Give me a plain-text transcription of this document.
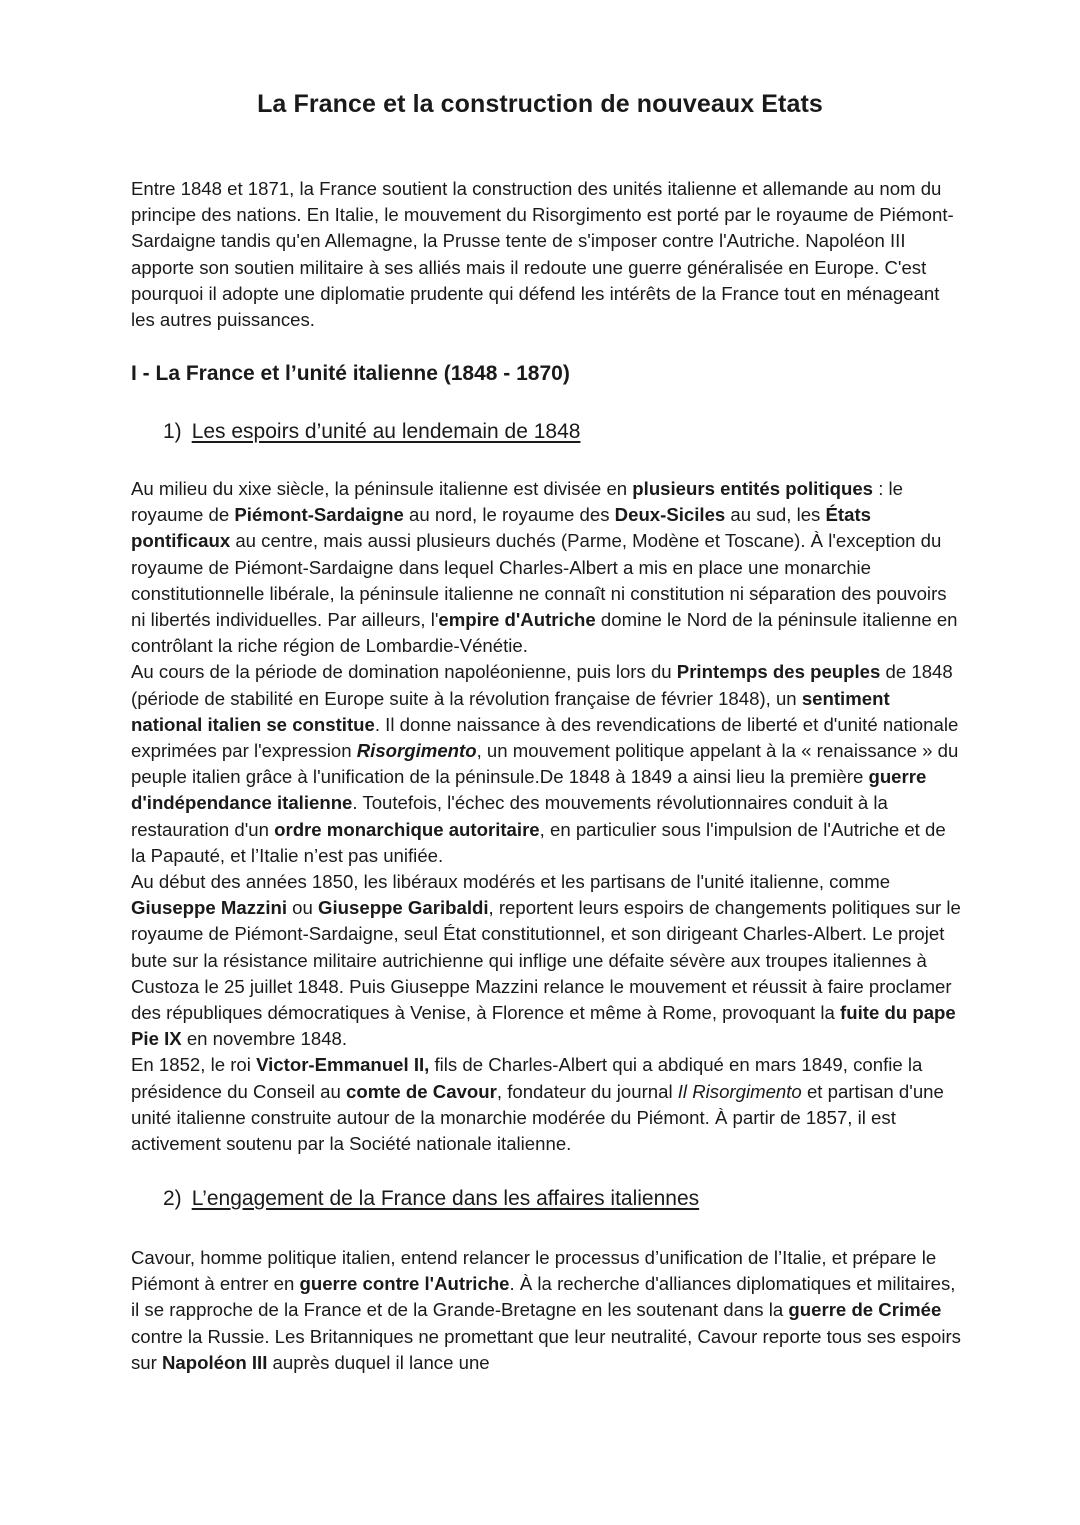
La France et la construction de nouveaux Etats

Entre 1848 et 1871, la France soutient la construction des unités italienne et allemande au nom du principe des nations. En Italie, le mouvement du Risorgimento est porté par le royaume de Piémont-Sardaigne tandis qu'en Allemagne, la Prusse tente de s'imposer contre l'Autriche. Napoléon III apporte son soutien militaire à ses alliés mais il redoute une guerre généralisée en Europe. C'est pourquoi il adopte une diplomatie prudente qui défend les intérêts de la France tout en ménageant les autres puissances.

I - La France et l’unité italienne (1848 - 1870)
1) Les espoirs d’unité au lendemain de 1848

Au milieu du xixe siècle, la péninsule italienne est divisée en plusieurs entités politiques : le royaume de Piémont-Sardaigne au nord, le royaume des Deux-Siciles au sud, les États pontificaux au centre, mais aussi plusieurs duchés (Parme, Modène et Toscane). À l'exception du royaume de Piémont-Sardaigne dans lequel Charles-Albert a mis en place une monarchie constitutionnelle libérale, la péninsule italienne ne connaît ni constitution ni séparation des pouvoirs ni libertés individuelles. Par ailleurs, l'empire d'Autriche domine le Nord de la péninsule italienne en contrôlant la riche région de Lombardie-Vénétie.

Au cours de la période de domination napoléonienne, puis lors du Printemps des peuples de 1848 (période de stabilité en Europe suite à la révolution française de février 1848), un sentiment national italien se constitue. Il donne naissance à des revendications de liberté et d'unité nationale exprimées par l'expression Risorgimento, un mouvement politique appelant à la « renaissance » du peuple italien grâce à l'unification de la péninsule.De 1848 à 1849 a ainsi lieu la première guerre d'indépendance italienne. Toutefois, l'échec des mouvements révolutionnaires conduit à la restauration d'un ordre monarchique autoritaire, en particulier sous l'impulsion de l'Autriche et de la Papauté, et l’Italie n’est pas unifiée.

Au début des années 1850, les libéraux modérés et les partisans de l'unité italienne, comme Giuseppe Mazzini ou Giuseppe Garibaldi, reportent leurs espoirs de changements politiques sur le royaume de Piémont-Sardaigne, seul État constitutionnel, et son dirigeant Charles-Albert. Le projet bute sur la résistance militaire autrichienne qui inflige une défaite sévère aux troupes italiennes à Custoza le 25 juillet 1848. Puis Giuseppe Mazzini relance le mouvement et réussit à faire proclamer des républiques démocratiques à Venise, à Florence et même à Rome, provoquant la fuite du pape Pie IX en novembre 1848.

En 1852, le roi Victor-Emmanuel II, fils de Charles-Albert qui a abdiqué en mars 1849, confie la présidence du Conseil au comte de Cavour, fondateur du journal Il Risorgimento et partisan d'une unité italienne construite autour de la monarchie modérée du Piémont. À partir de 1857, il est activement soutenu par la Société nationale italienne.

2) L’engagement de la France dans les affaires italiennes

Cavour, homme politique italien, entend relancer le processus d’unification de l’Italie, et prépare le Piémont à entrer en guerre contre l'Autriche. À la recherche d'alliances diplomatiques et militaires, il se rapproche de la France et de la Grande-Bretagne en les soutenant dans la guerre de Crimée contre la Russie. Les Britanniques ne promettant que leur neutralité, Cavour reporte tous ses espoirs sur Napoléon III auprès duquel il lance une
